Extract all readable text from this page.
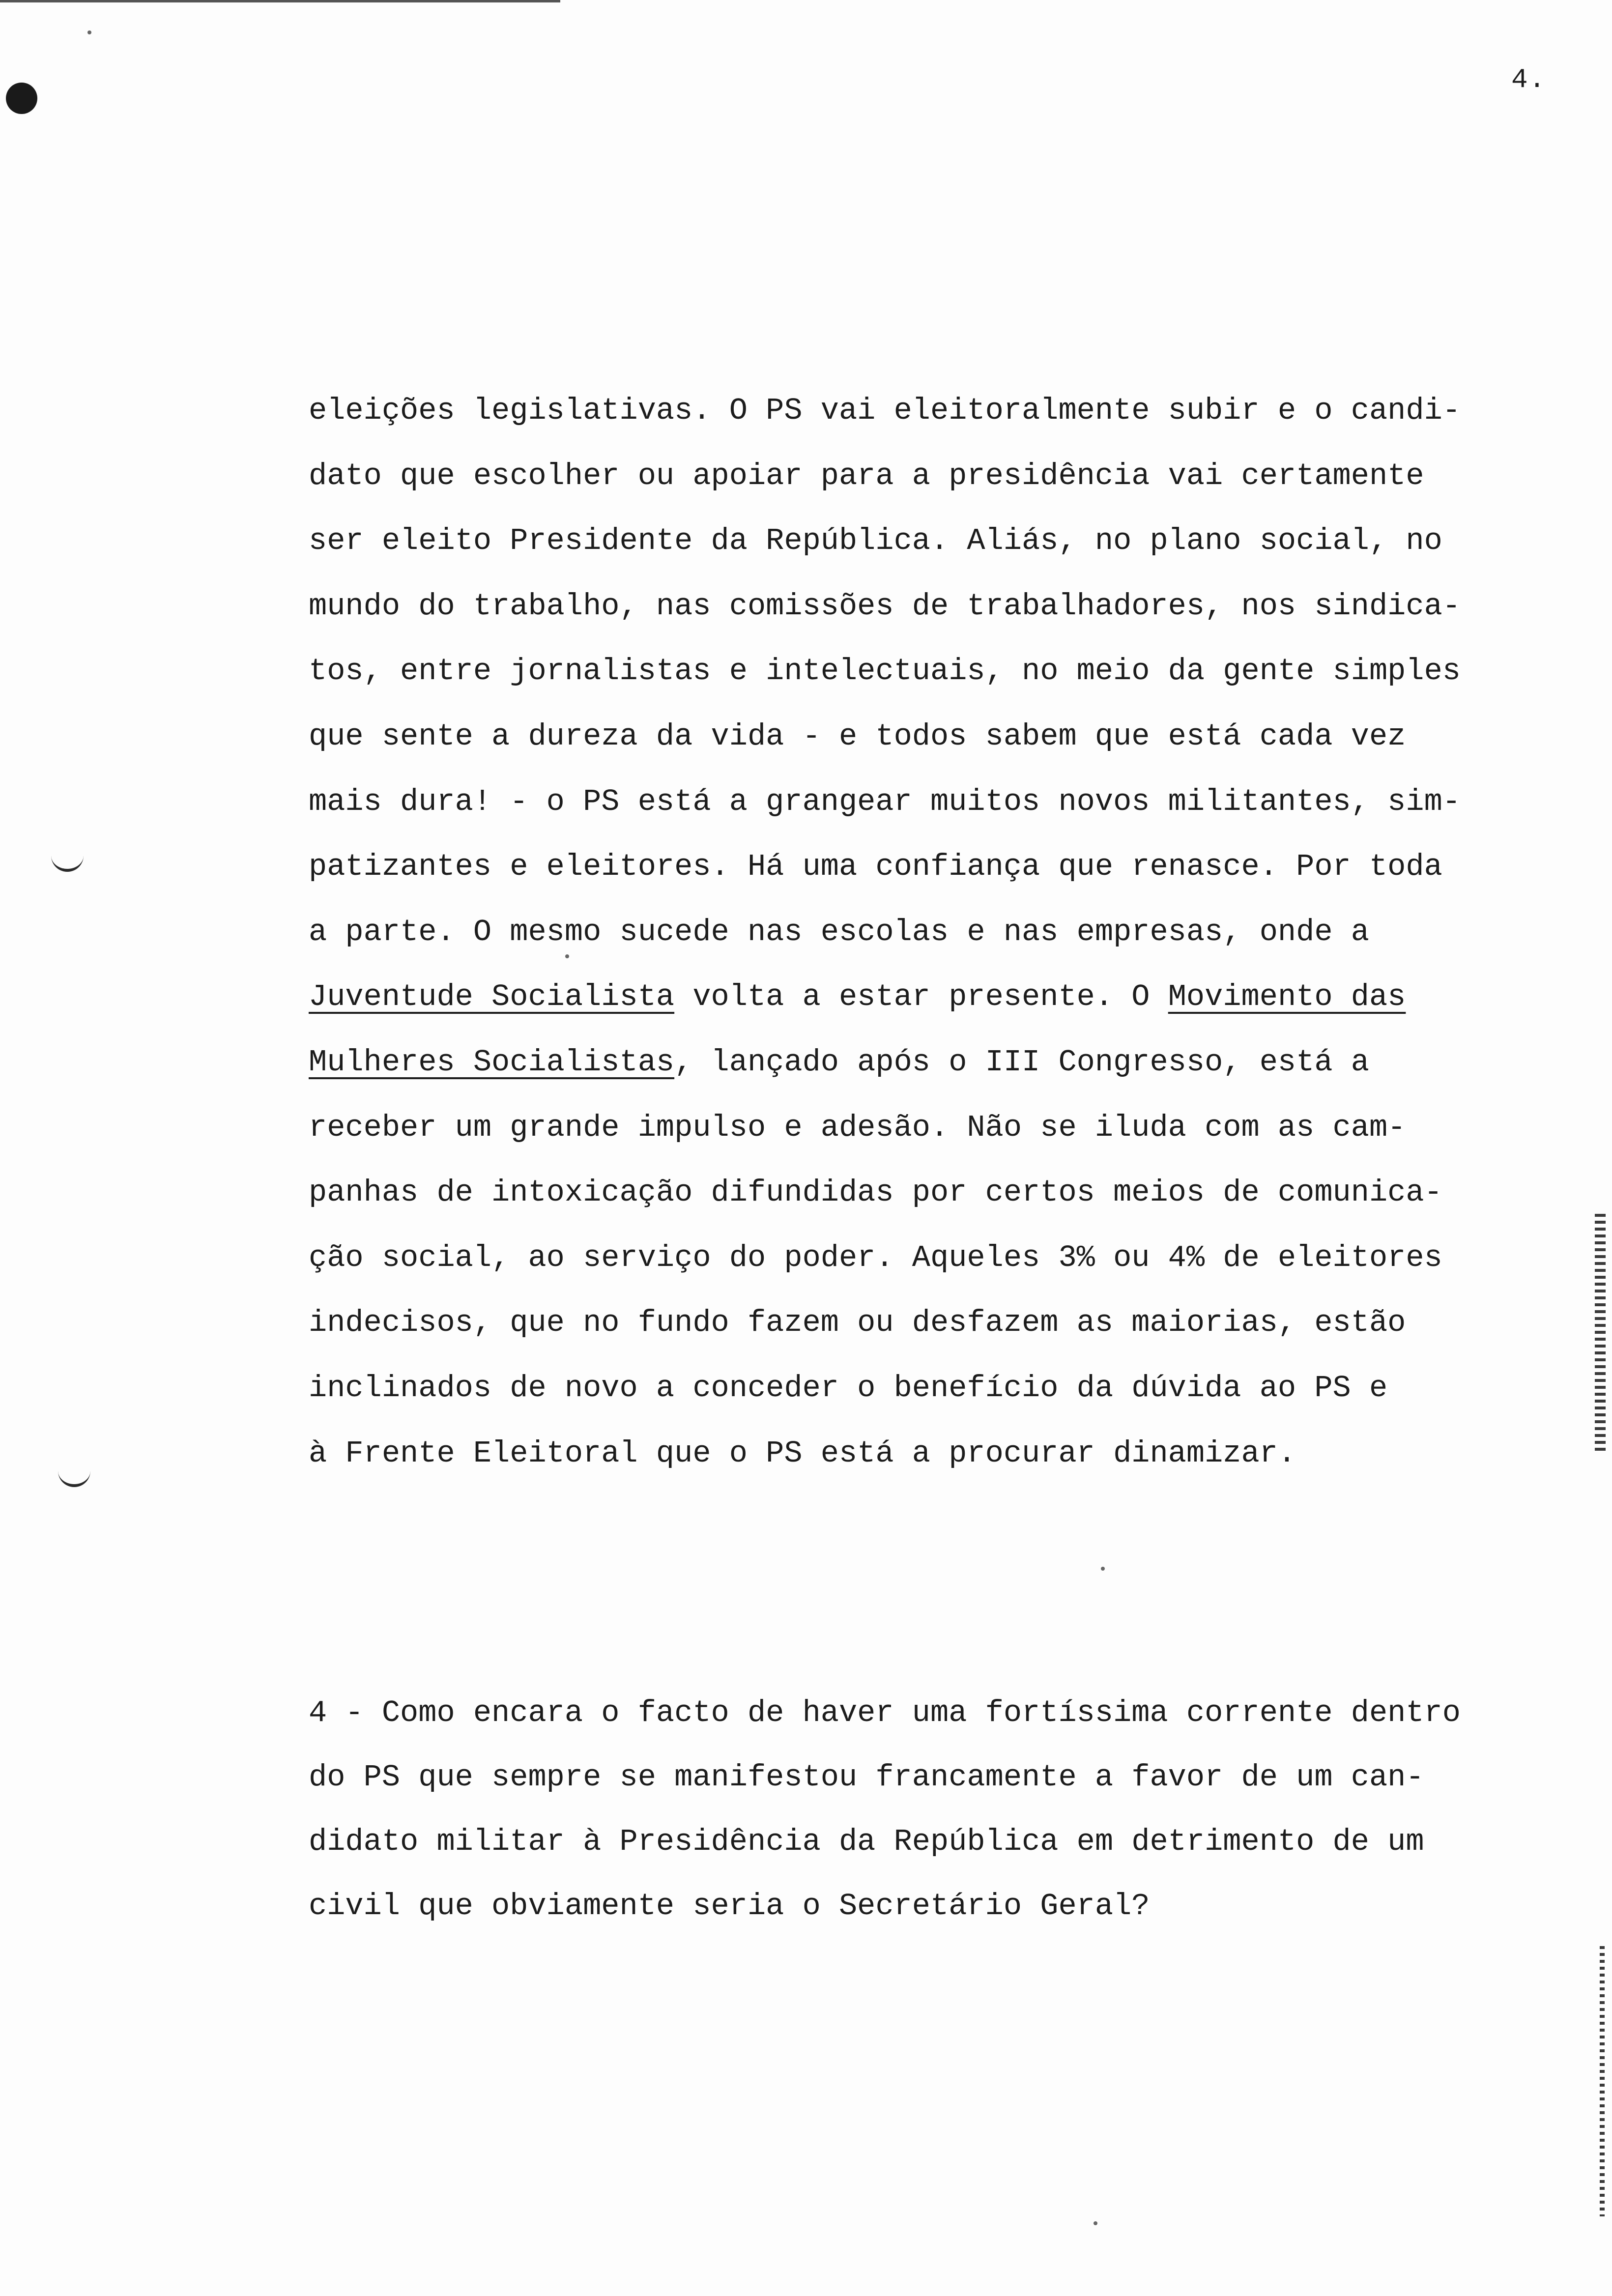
4.
eleições legislativas. O PS vai eleitoralmente subir e o candi-
dato que escolher ou apoiar para a presidência vai certamente
ser eleito Presidente da República. Aliás, no plano social, no
mundo do trabalho, nas comissões de trabalhadores, nos sindica-
tos, entre jornalistas e intelectuais, no meio da gente simples
que sente a dureza da vida - e todos sabem que está cada vez
mais dura! - o PS está a grangear muitos novos militantes, sim-
patizantes e eleitores. Há uma confiança que renasce. Por toda
a parte. O mesmo sucede nas escolas e nas empresas, onde a
Juventude Socialista volta a estar presente. O Movimento das
Mulheres Socialistas, lançado após o III Congresso, está a
receber um grande impulso e adesão. Não se iluda com as cam-
panhas de intoxicação difundidas por certos meios de comunica-
ção social, ao serviço do poder. Aqueles 3% ou 4% de eleitores
indecisos, que no fundo fazem ou desfazem as maiorias, estão
inclinados de novo a conceder o benefício da dúvida ao PS e
à Frente Eleitoral que o PS está a procurar dinamizar.
4 - Como encara o facto de haver uma fortíssima corrente dentro
do PS que sempre se manifestou francamente a favor de um can-
didato militar à Presidência da República em detrimento de um
civil que obviamente seria o Secretário Geral?
